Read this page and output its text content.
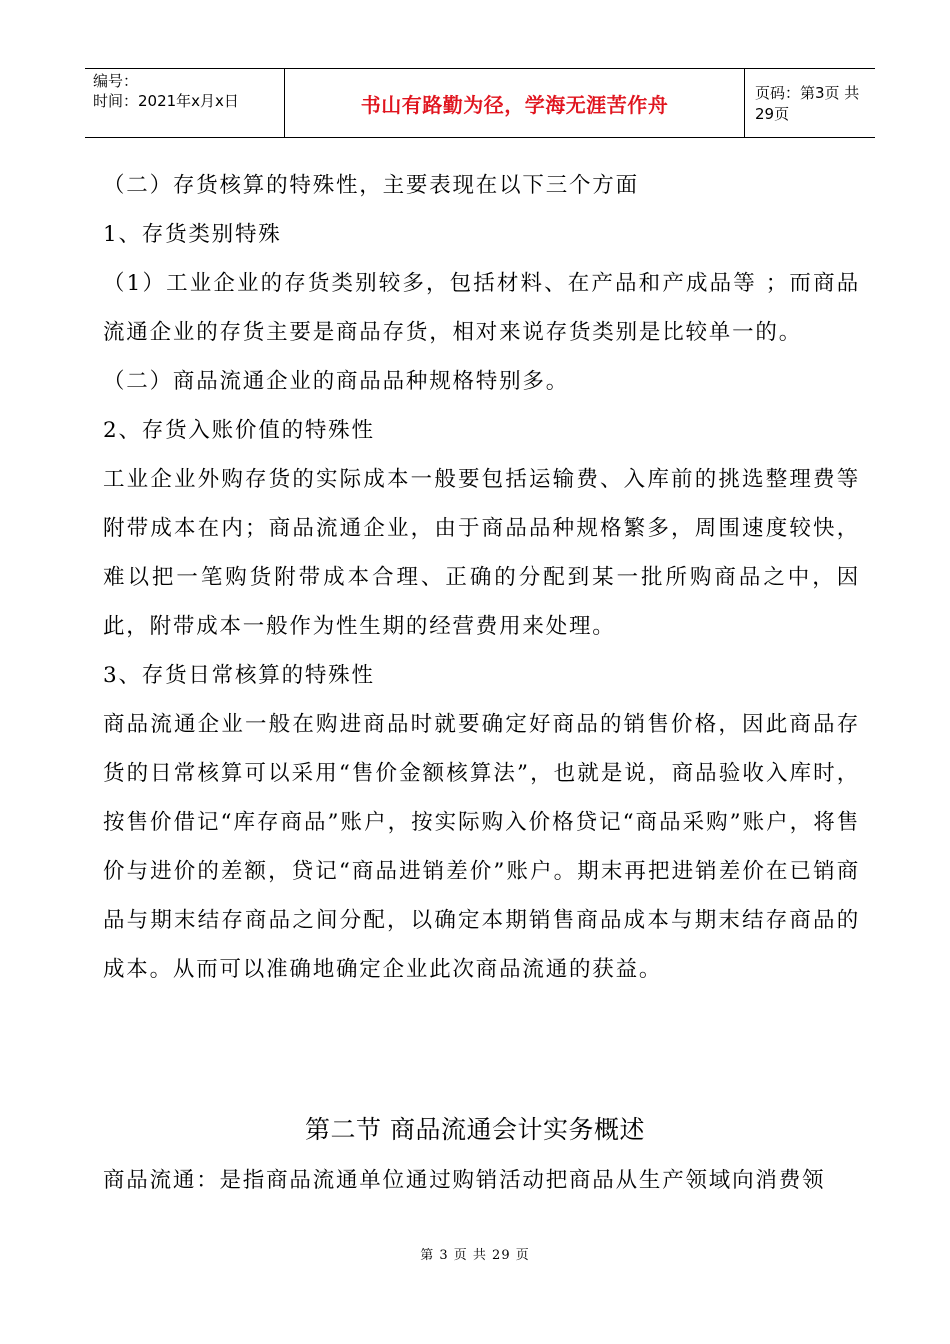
编号：
时间：2021年x月x日	书山有路勤为径，学海无涯苦作舟	页码：第3页 共29页

（二）存货核算的特殊性，主要表现在以下三个方面

1、存货类别特殊

（1）工业企业的存货类别较多，包括材料、在产品和产成品等 ；而商品流通企业的存货主要是商品存货，相对来说存货类别是比较单一的。

（二）商品流通企业的商品品种规格特别多。

2、存货入账价值的特殊性

工业企业外购存货的实际成本一般要包括运输费、入库前的挑选整理费等 附带成本在内；商品流通企业，由于商品品种规格繁多，周围速度较快，难以把一笔购货附带成本合理、正确的分配到某一批所购商品之中，因此，附带成本一般作为性生期的经营费用来处理。

3、存货日常核算的特殊性

商品流通企业一般在购进商品时就要确定好商品的销售价格，因此商品存货的日常核算可以采用“售价金额核算法”，也就是说，商品验收入库时，按售价借记“库存商品”账户，按实际购入价格贷记“商品采购”账户，将售价与进价的差额，贷记“商品进销差价”账户。期末再把进销差价在已销商品与期末结存商品之间分配，以确定本期销售商品成本与期末结存商品的成本。从而可以准确地确定企业此次商品流通的获益。

第二节 商品流通会计实务概述

商品流通：是指商品流通单位通过购销活动把商品从生产领域向消费领

第 3 页 共 29 页
